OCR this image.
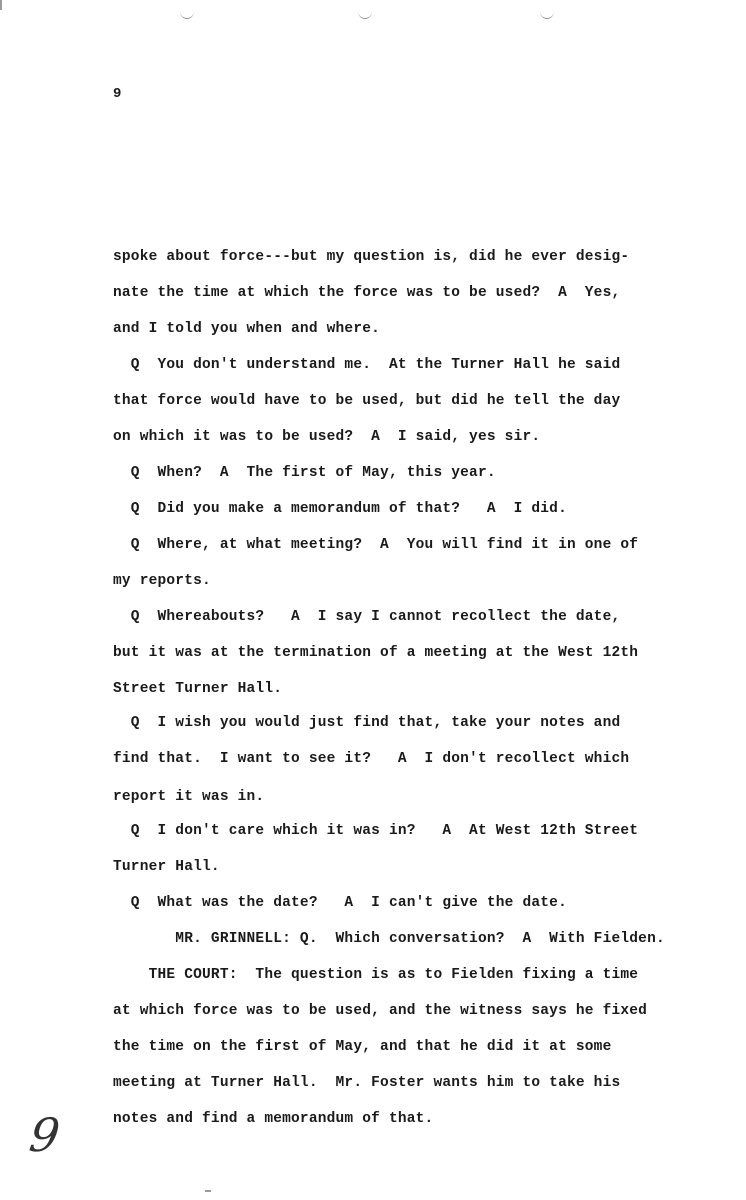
9
spoke about force---but my question is, did he ever desig-
nate the time at which the force was to be used?  A  Yes,
and I told you when and where.
Q  You don't understand me.  At the Turner Hall he said
that force would have to be used, but did he tell the day
on which it was to be used?  A  I said, yes sir.
Q  When?  A  The first of May, this year.
Q  Did you make a memorandum of that?   A  I did.
Q  Where, at what meeting?  A  You will find it in one of
my reports.
Q  Whereabouts?   A  I say I cannot recollect the date,
but it was at the termination of a meeting at the West 12th
Street Turner Hall.
Q  I wish you would just find that, take your notes and
find that.  I want to see it?   A  I don't recollect which
report it was in.
Q  I don't care which it was in?   A  At West 12th Street
Turner Hall.
Q  What was the date?   A  I can't give the date.
MR. GRINNELL: Q.  Which conversation?  A  With Fielden.
THE COURT:  The question is as to Fielden fixing a time
at which force was to be used, and the witness says he fixed
the time on the first of May, and that he did it at some
meeting at Turner Hall.  Mr. Foster wants him to take his
notes and find a memorandum of that.
9
